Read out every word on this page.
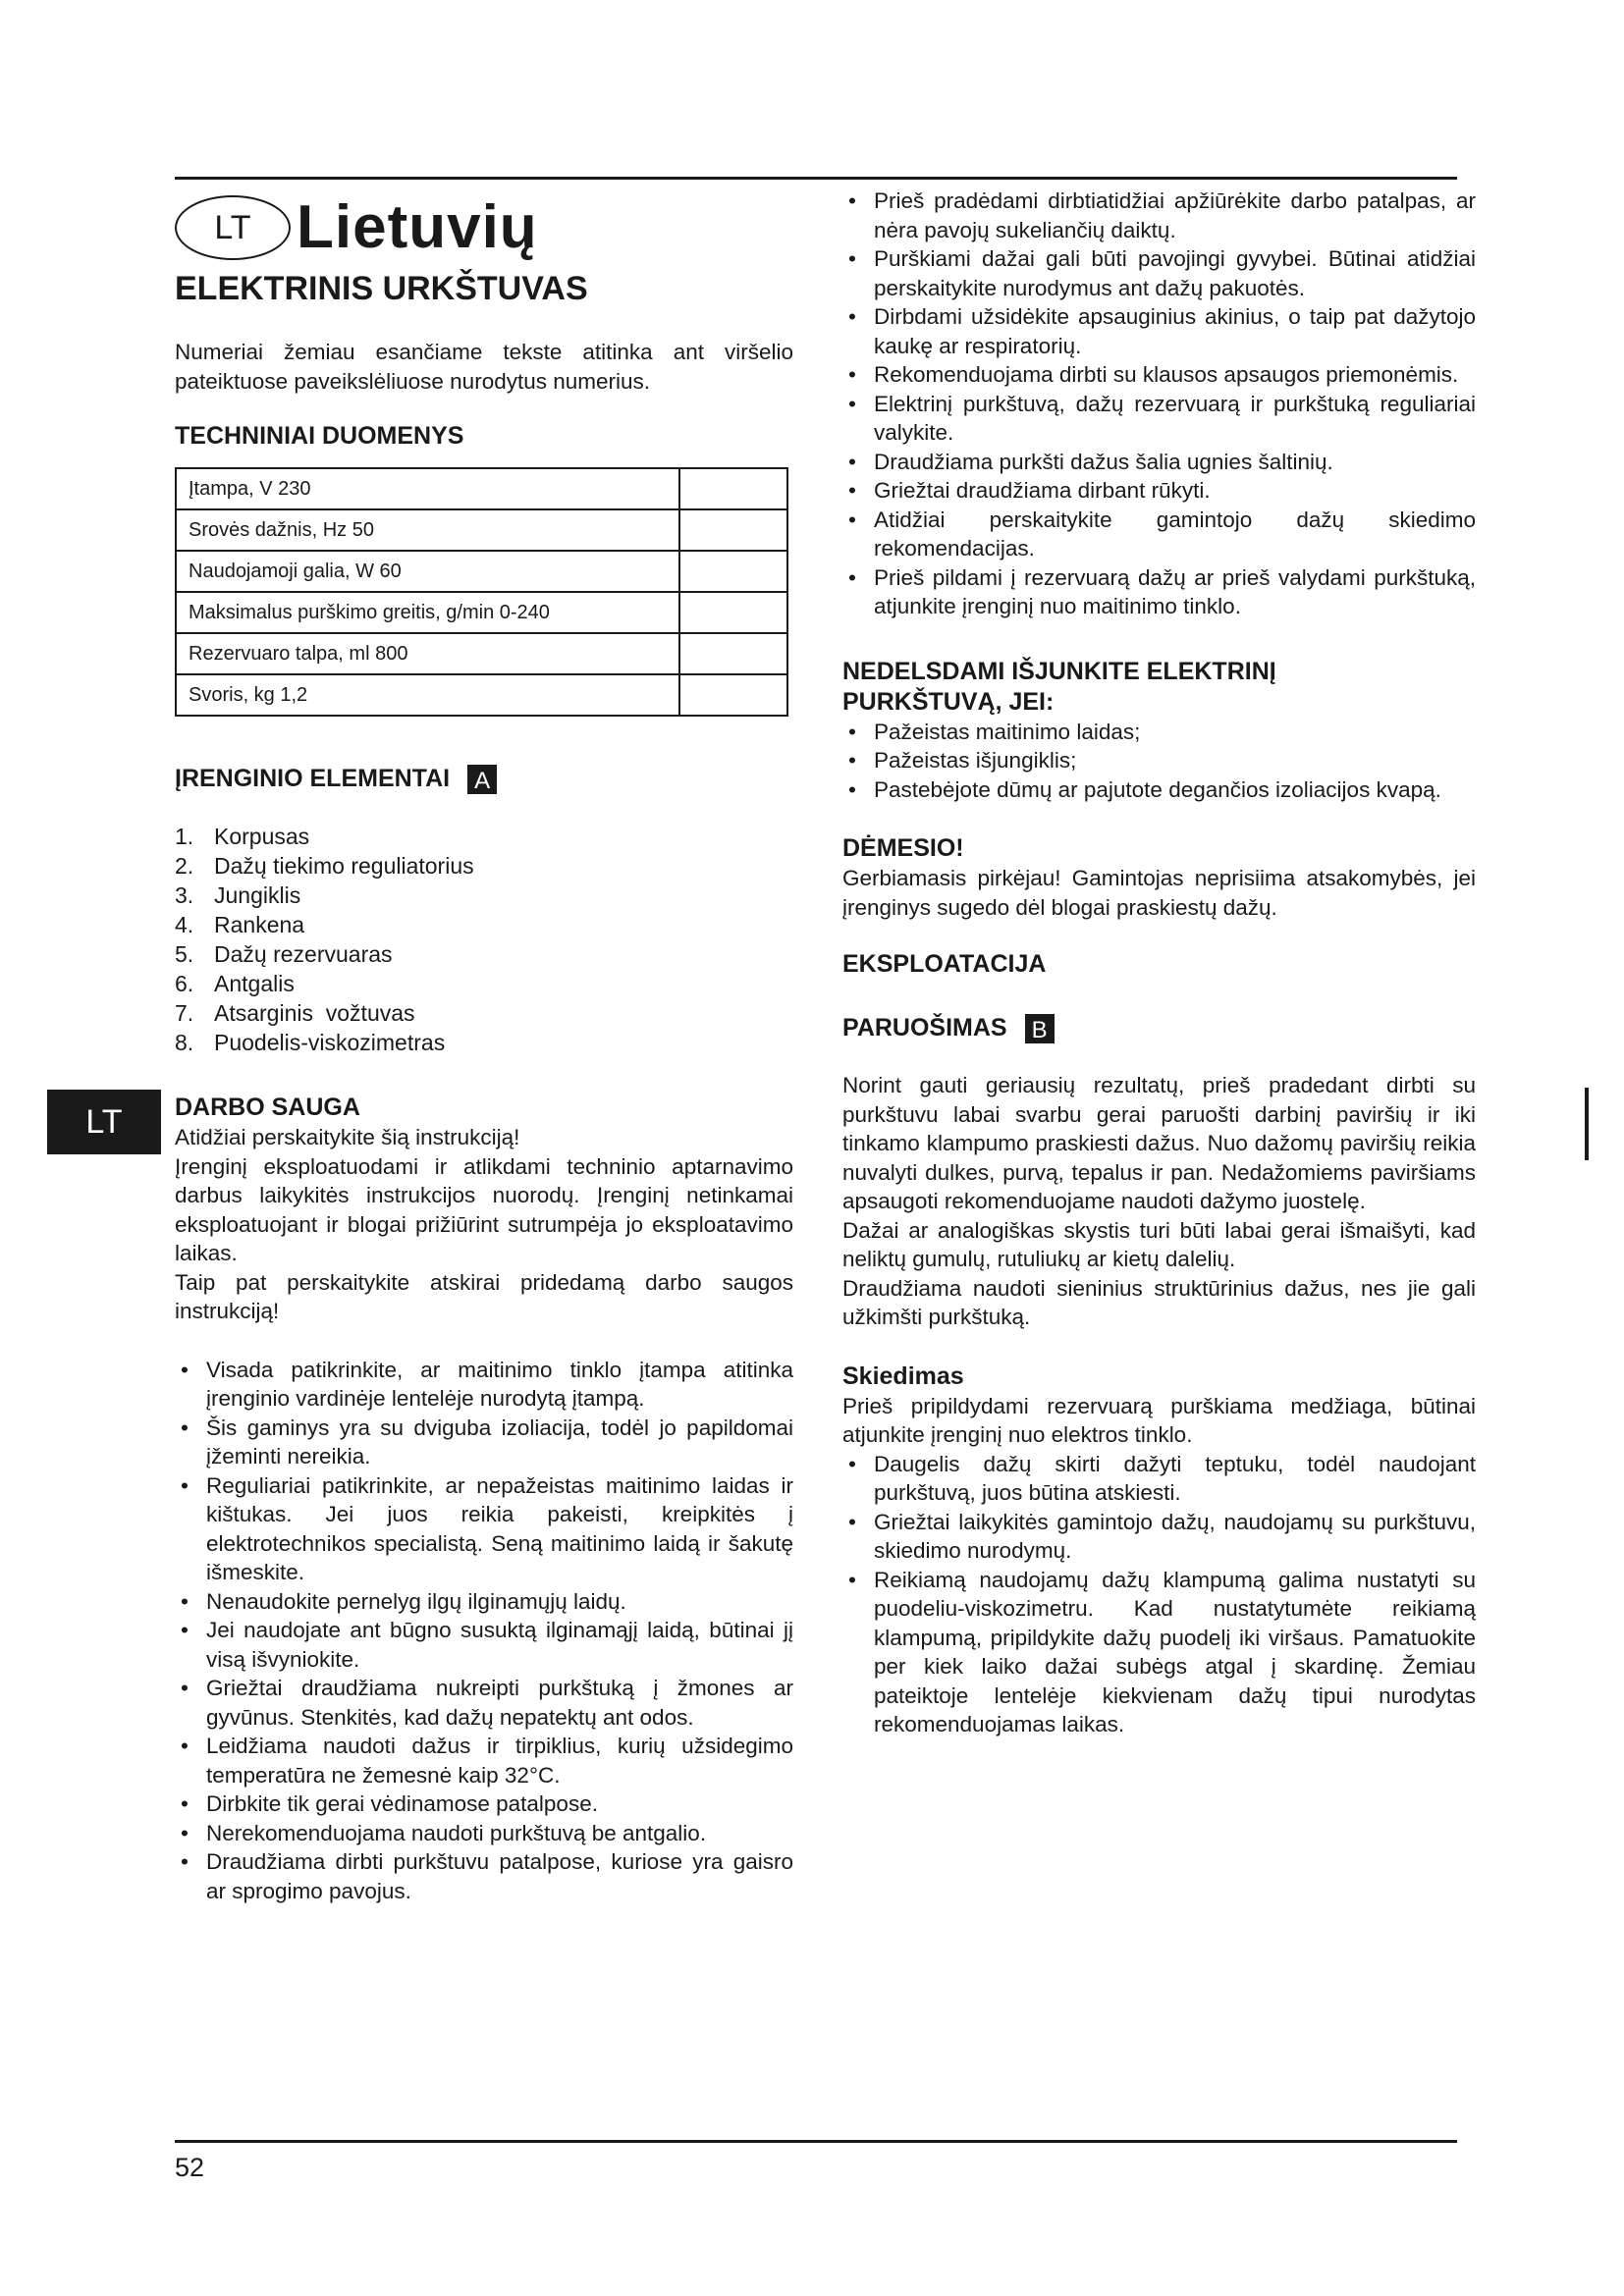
LT Lietuvių
ELEKTRINIS URKŠTUVAS

Numeriai žemiau esančiame tekste atitinka ant viršelio pateiktuose paveikslėliuose nurodytus numerius.

TECHNINIAI DUOMENYS
Įtampa, V 230	
Srovės dažnis, Hz 50	
Naudojamoji galia, W 60	
Maksimalus purškimo greitis, g/min 0-240	
Rezervuaro talpa, ml 800	
Svoris, kg 1,2	
ĮRENGINIO ELEMENTAI A
1. Korpusas
2. Dažų tiekimo reguliatorius
3. Jungiklis
4. Rankena
5. Dažų rezervuaras
6. Antgalis
7. Atsarginis  vožtuvas
8. Puodelis-viskozimetras
DARBO SAUGA

Atidžiai perskaitykite šią instrukciją!

Įrenginį eksploatuodami ir atlikdami techninio aptarnavimo darbus laikykitės instrukcijos nuorodų. Įrenginį netinkamai eksploatuojant ir blogai prižiūrint sutrumpėja jo eksploatavimo laikas.

Taip pat perskaitykite atskirai pridedamą darbo saugos instrukciją!

• Visada patikrinkite, ar maitinimo tinklo įtampa atitinka įrenginio vardinėje lentelėje nurodytą įtampą.
• Šis gaminys yra su dviguba izoliacija, todėl jo papildomai įžeminti nereikia.
• Reguliariai patikrinkite, ar nepažeistas maitinimo laidas ir kištukas. Jei juos reikia pakeisti, kreipkitės į elektrotechnikos specialistą. Seną maitinimo laidą ir šakutę išmeskite.
• Nenaudokite pernelyg ilgų ilginamųjų laidų.
• Jei naudojate ant būgno susuktą ilginamąjį laidą, būtinai jį visą išvyniokite.
• Griežtai draudžiama nukreipti purkštuką į žmones ar gyvūnus. Stenkitės, kad dažų nepatektų ant odos.
• Leidžiama naudoti dažus ir tirpiklius, kurių užsidegimo temperatūra ne žemesnė kaip 32°C.
• Dirbkite tik gerai vėdinamose patalpose.
• Nerekomenduojama naudoti purkštuvą be antgalio.
• Draudžiama dirbti purkštuvu patalpose, kuriose yra gaisro ar sprogimo pavojus.
• Prieš pradėdami dirbtiatidžiai apžiūrėkite darbo patalpas, ar nėra pavojų sukeliančių daiktų.
• Purškiami dažai gali būti pavojingi gyvybei. Būtinai atidžiai perskaitykite nurodymus ant dažų pakuotės.
• Dirbdami užsidėkite apsauginius akinius, o taip pat dažytojo kaukę ar respiratorių.
• Rekomenduojama dirbti su klausos apsaugos priemonėmis.
• Elektrinį purkštuvą, dažų rezervuarą ir purkštuką reguliariai valykite.
• Draudžiama purkšti dažus šalia ugnies šaltinių.
• Griežtai draudžiama dirbant rūkyti.
• Atidžiai perskaitykite gamintojo dažų skiedimo rekomendacijas.
• Prieš pildami į rezervuarą dažų ar prieš valydami purkštuką, atjunkite įrenginį nuo maitinimo tinklo.
NEDELSDAMI IŠJUNKITE ELEKTRINĮ
PURKŠTUVĄ, JEI:
• Pažeistas maitinimo laidas;
• Pažeistas išjungiklis;
• Pastebėjote dūmų ar pajutote degančios izoliacijos kvapą.
DĖMESIO!

Gerbiamasis pirkėjau! Gamintojas neprisiima atsakomybės, jei įrenginys sugedo dėl blogai praskiestų dažų.

EKSPLOATACIJA
PARUOŠIMAS B

Norint gauti geriausių rezultatų, prieš pradedant dirbti su purkštuvu labai svarbu gerai paruošti darbinį paviršių ir iki tinkamo klampumo praskiesti dažus. Nuo dažomų paviršių reikia nuvalyti dulkes, purvą, tepalus ir pan. Nedažomiems paviršiams apsaugoti rekomenduojame naudoti dažymo juostelę.

Dažai ar analogiškas skystis turi būti labai gerai išmaišyti, kad neliktų gumulų, rutuliukų ar kietų dalelių.

Draudžiama naudoti sieninius struktūrinius dažus, nes jie gali užkimšti purkštuką.

Skiedimas

Prieš pripildydami rezervuarą purškiama medžiaga, būtinai atjunkite įrenginį nuo elektros tinklo.

• Daugelis dažų skirti dažyti teptuku, todėl naudojant purkštuvą, juos būtina atskiesti.
• Griežtai laikykitės gamintojo dažų, naudojamų su purkštuvu, skiedimo nurodymų.
• Reikiamą naudojamų dažų klampumą galima nustatyti su puodeliu-viskozimetru. Kad nustatytumėte reikiamą klampumą, pripildykite dažų puodelį iki viršaus. Pamatuokite per kiek laiko dažai subėgs atgal į skardinę. Žemiau pateiktoje lentelėje kiekvienam dažų tipui nurodytas rekomenduojamas laikas.
LT
52
